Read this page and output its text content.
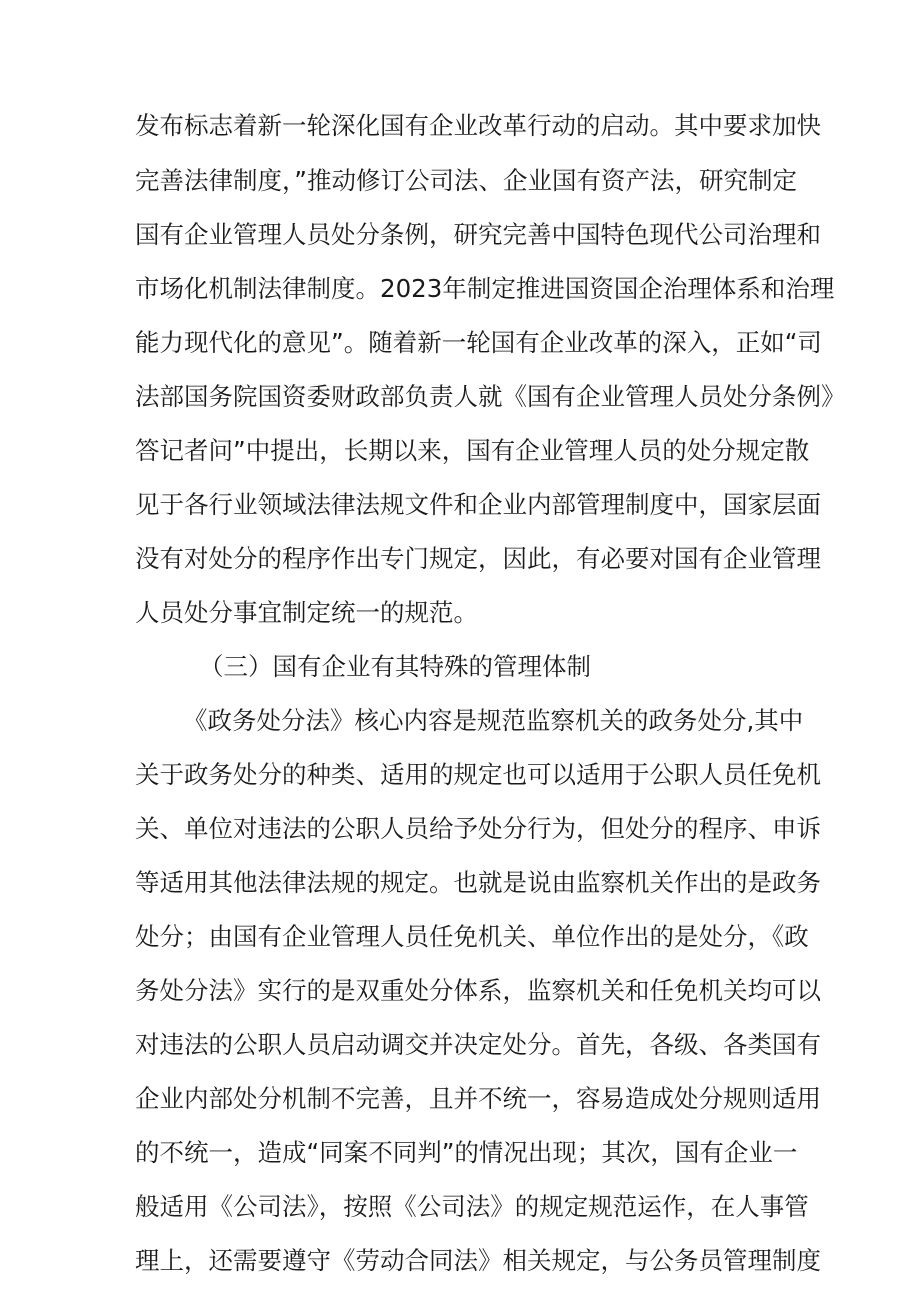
发布标志着新一轮深化国有企业改革行动的启动。其中要求加快
完善法律制度，”推动修订公司法、企业国有资产法，研究制定
国有企业管理人员处分条例，研究完善中国特色现代公司治理和
市场化机制法律制度。2023年制定推进国资国企治理体系和治理
能力现代化的意见”。随着新一轮国有企业改革的深入，正如“司
法部国务院国资委财政部负责人就《国有企业管理人员处分条例》
答记者问”中提出，长期以来，国有企业管理人员的处分规定散
见于各行业领域法律法规文件和企业内部管理制度中，国家层面
没有对处分的程序作出专门规定，因此，有必要对国有企业管理
人员处分事宜制定统一的规范。
（三）国有企业有其特殊的管理体制
《政务处分法》核心内容是规范监察机关的政务处分,其中
关于政务处分的种类、适用的规定也可以适用于公职人员任免机
关、单位对违法的公职人员给予处分行为，但处分的程序、申诉
等适用其他法律法规的规定。也就是说由监察机关作出的是政务
处分；由国有企业管理人员任免机关、单位作出的是处分，《政
务处分法》实行的是双重处分体系，监察机关和任免机关均可以
对违法的公职人员启动调交并决定处分。首先，各级、各类国有
企业内部处分机制不完善，且并不统一，容易造成处分规则适用
的不统一，造成“同案不同判”的情况出现；其次，国有企业一
般适用《公司法》，按照《公司法》的规定规范运作，在人事管
理上，还需要遵守《劳动合同法》相关规定，与公务员管理制度
